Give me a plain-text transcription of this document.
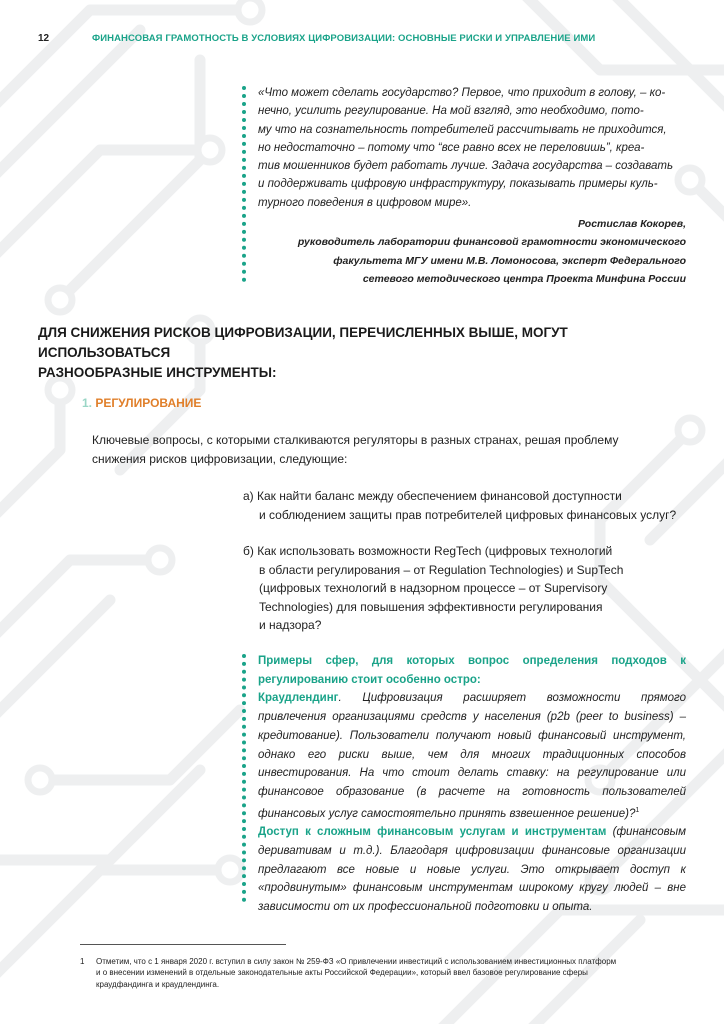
12	ФИНАНСОВАЯ ГРАМОТНОСТЬ В УСЛОВИЯХ ЦИФРОВИЗАЦИИ: ОСНОВНЫЕ РИСКИ И УПРАВЛЕНИЕ ИМИ

«Что может сделать государство? Первое, что приходит в голову, – ко-

нечно, усилить регулирование. На мой взгляд, это необходимо, пото-

му что на сознательность потребителей рассчитывать не приходится,

но недостаточно – потому что “все равно всех не переловишь”, креа-

тив мошенников будет работать лучше. Задача государства – создавать

и поддерживать цифровую инфраструктуру, показывать примеры куль-

турного поведения в цифровом мире».

Ростислав Кокорев,
руководитель лаборатории финансовой грамотности экономического
факультета МГУ имени М.В. Ломоносова, эксперт Федерального
сетевого методического центра Проекта Минфина России
ДЛЯ СНИЖЕНИЯ РИСКОВ ЦИФРОВИЗАЦИИ, ПЕРЕЧИСЛЕННЫХ ВЫШЕ, МОГУТ ИСПОЛЬЗОВАТЬСЯ
РАЗНООБРАЗНЫЕ ИНСТРУМЕНТЫ:
1. РЕГУЛИРОВАНИЕ
Ключевые вопросы, с которыми сталкиваются регуляторы в разных странах, решая проблему
снижения рисков цифровизации, следующие:
а) Как найти баланс между обеспечением финансовой доступности
и соблюдением защиты прав потребителей цифровых финансовых услуг?
б) Как использовать возможности RegTech (цифровых технологий
в области регулирования – от Regulation Technologies) и SupTech
(цифровых технологий в надзорном процессе – от Supervisory
Technologies) для повышения эффективности регулирования
и надзора?

Примеры сфер, для которых вопрос определения подходов к регулированию стоит особенно остро:

Краудлендинг. Цифровизация расширяет возможности прямого привлечения организациями средств у населения (p2b (peer to business) – кредитование). Пользователи получают новый финансовый инструмент, однако его риски выше, чем для многих традиционных способов инвестирования. На что стоит делать ставку: на регулирование или финансовое образование (в расчете на готовность пользователей финансовых услуг самостоятельно принять взвешенное решение)?$^1$

Доступ к сложным финансовым услугам и инструментам (финансовым деривативам и т.д.). Благодаря цифровизации финансовые организации предлагают все новые и новые услуги. Это открывает доступ к «продвинутым» финансовым инструментам широкому кругу людей – вне зависимости от их профессиональной подготовки и опыта.

1 Отметим, что с 1 января 2020 г. вступил в силу закон № 259-ФЗ «О привлечении инвестиций с использованием инвестиционных платформ
и о внесении изменений в отдельные законодательные акты Российской Федерации», который ввел базовое регулирование сферы
краудфандинга и краудлендинга.
